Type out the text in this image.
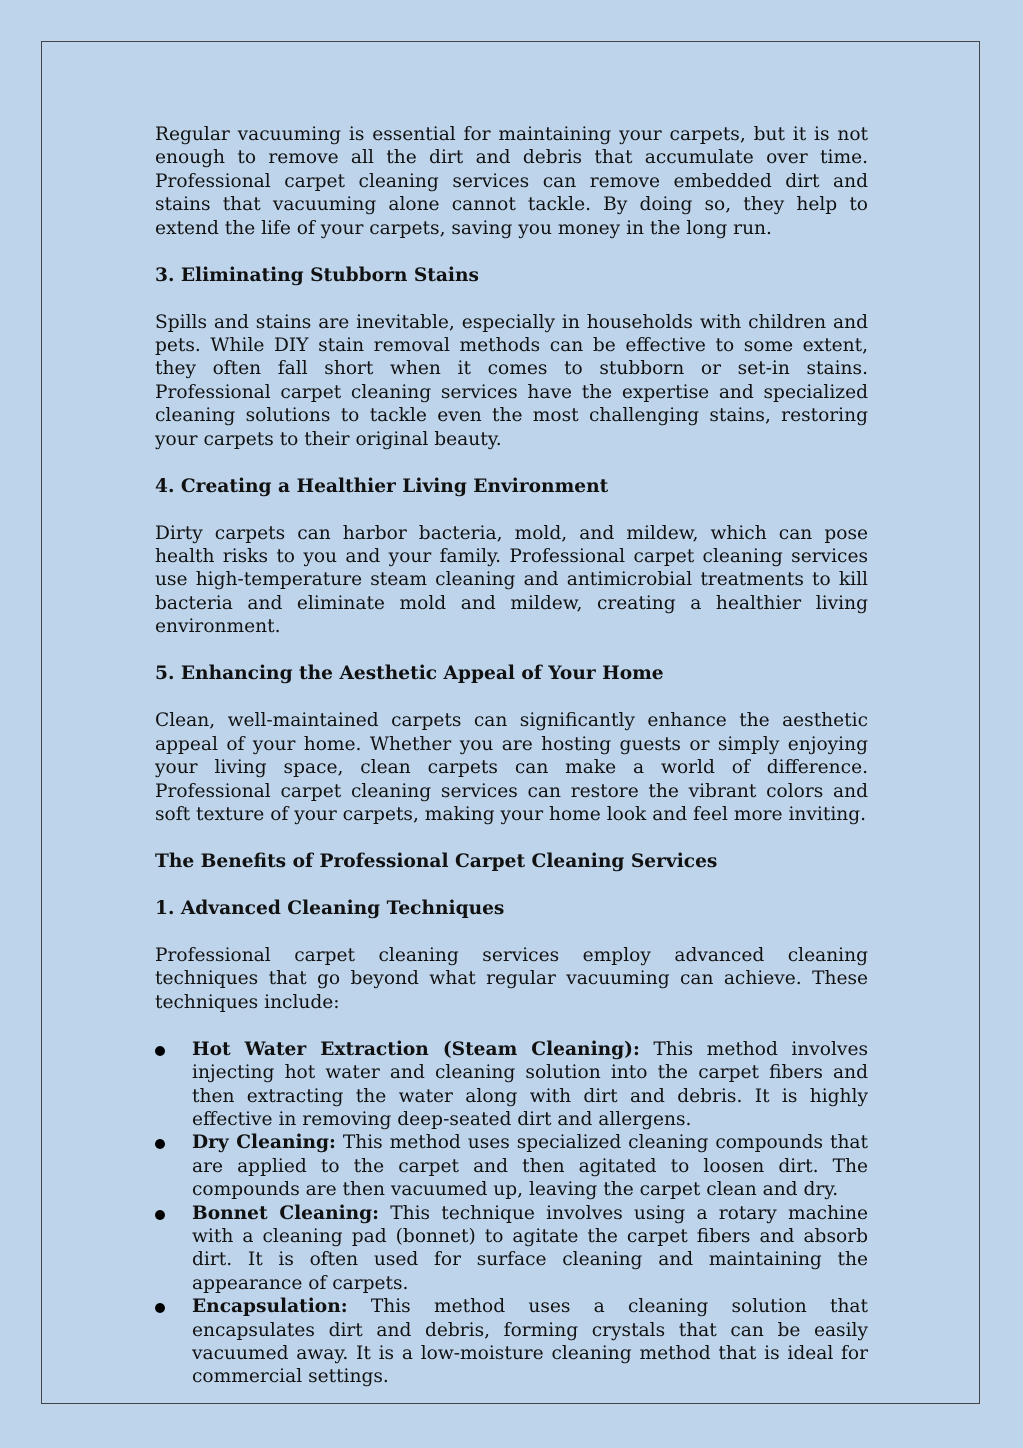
Regular vacuuming is essential for maintaining your carpets, but it is not enough to remove all the dirt and debris that accumulate over time. Professional carpet cleaning services can remove embedded dirt and stains that vacuuming alone cannot tackle. By doing so, they help to extend the life of your carpets, saving you money in the long run.

3. Eliminating Stubborn Stains

Spills and stains are inevitable, especially in households with children and pets. While DIY stain removal methods can be effective to some extent, they often fall short when it comes to stubborn or set-in stains. Professional carpet cleaning services have the expertise and specialized cleaning solutions to tackle even the most challenging stains, restoring your carpets to their original beauty.

4. Creating a Healthier Living Environment

Dirty carpets can harbor bacteria, mold, and mildew, which can pose health risks to you and your family. Professional carpet cleaning services use high-temperature steam cleaning and antimicrobial treatments to kill bacteria and eliminate mold and mildew, creating a healthier living environment.

5. Enhancing the Aesthetic Appeal of Your Home

Clean, well-maintained carpets can significantly enhance the aesthetic appeal of your home. Whether you are hosting guests or simply enjoying your living space, clean carpets can make a world of difference. Professional carpet cleaning services can restore the vibrant colors and soft texture of your carpets, making your home look and feel more inviting.

The Benefits of Professional Carpet Cleaning Services
1. Advanced Cleaning Techniques

Professional carpet cleaning services employ advanced cleaning techniques that go beyond what regular vacuuming can achieve. These techniques include:

Hot Water Extraction (Steam Cleaning): This method involves injecting hot water and cleaning solution into the carpet fibers and then extracting the water along with dirt and debris. It is highly effective in removing deep-seated dirt and allergens.
Dry Cleaning: This method uses specialized cleaning compounds that are applied to the carpet and then agitated to loosen dirt. The compounds are then vacuumed up, leaving the carpet clean and dry.
Bonnet Cleaning: This technique involves using a rotary machine with a cleaning pad (bonnet) to agitate the carpet fibers and absorb dirt. It is often used for surface cleaning and maintaining the appearance of carpets.
Encapsulation: This method uses a cleaning solution that encapsulates dirt and debris, forming crystals that can be easily vacuumed away. It is a low-moisture cleaning method that is ideal for commercial settings.
